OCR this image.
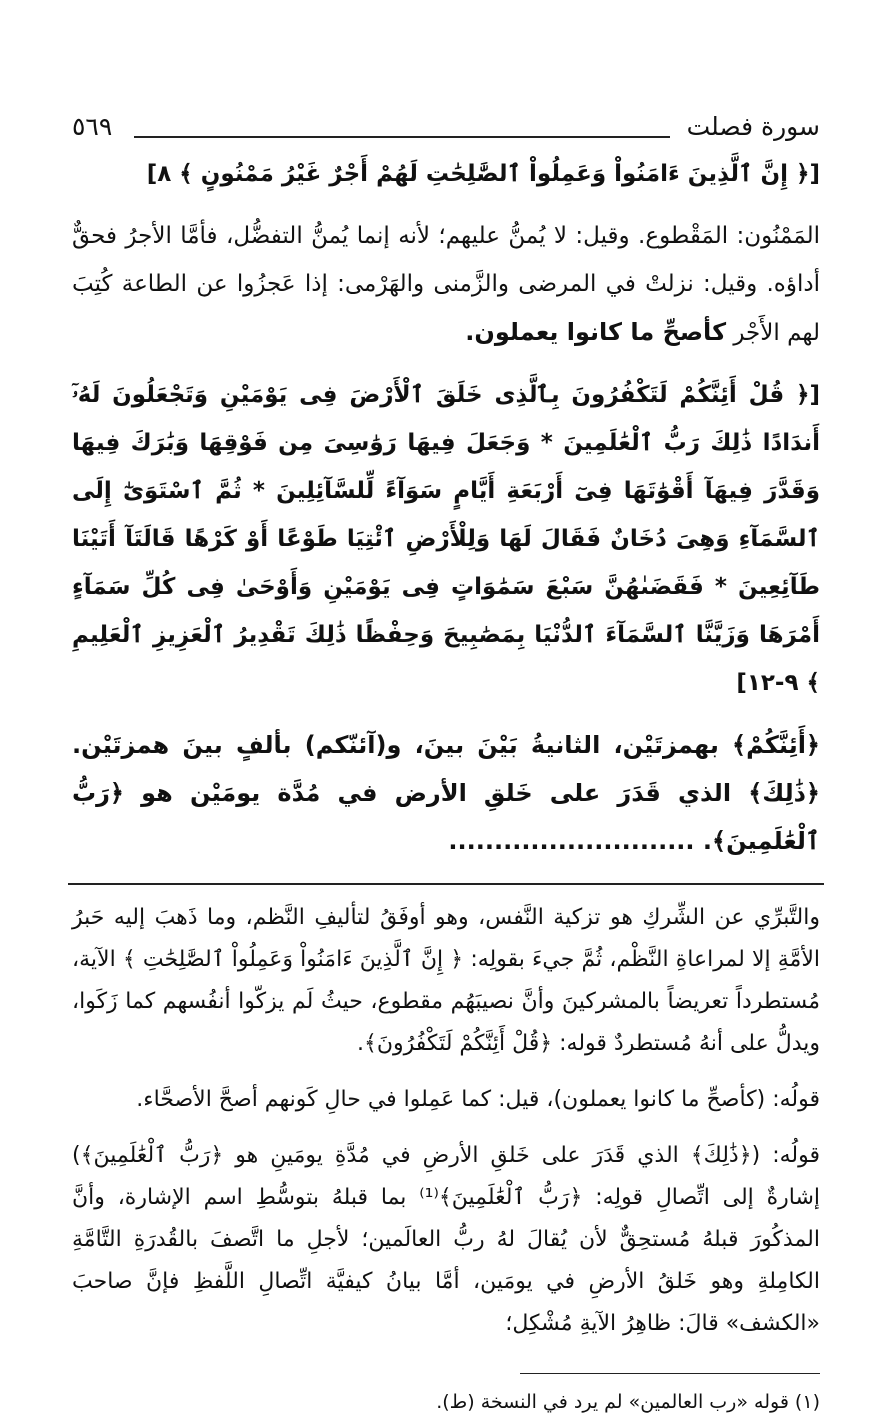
سورة فصلت
٥٦٩

[﴿ إِنَّ ٱلَّذِينَ ءَامَنُواْ وَعَمِلُواْ ٱلصَّٰلِحَٰتِ لَهُمْ أَجْرٌ غَيْرُ مَمْنُونٍ ﴾ ٨]

المَمْنُون: المَقْطوع. وقيل: لا يُمنُّ عليهم؛ لأنه إنما يُمنُّ التفضُّل، فأمَّا الأجرُ فحقٌّ أداؤه. وقيل: نزلتْ في المرضى والزَّمنى والهَرْمى: إذا عَجزُوا عن الطاعة كُتِبَ لهم الأَجْر كأصحِّ ما كانوا يعملون.

[﴿ قُلْ أَئِنَّكُمْ لَتَكْفُرُونَ بِٱلَّذِى خَلَقَ ٱلْأَرْضَ فِى يَوْمَيْنِ وَتَجْعَلُونَ لَهُۥٓ أَندَادًا ذَٰلِكَ رَبُّ ٱلْعَٰلَمِينَ * وَجَعَلَ فِيهَا رَوَٰسِىَ مِن فَوْقِهَا وَبَٰرَكَ فِيهَا وَقَدَّرَ فِيهَآ أَقْوَٰتَهَا فِىٓ أَرْبَعَةِ أَيَّامٍ سَوَآءً لِّلسَّآئِلِينَ * ثُمَّ ٱسْتَوَىٰٓ إِلَى ٱلسَّمَآءِ وَهِىَ دُخَانٌ فَقَالَ لَهَا وَلِلْأَرْضِ ٱئْتِيَا طَوْعًا أَوْ كَرْهًا قَالَتَآ أَتَيْنَا طَآئِعِينَ * فَقَضَىٰهُنَّ سَبْعَ سَمَٰوَاتٍ فِى يَوْمَيْنِ وَأَوْحَىٰ فِى كُلِّ سَمَآءٍ أَمْرَهَا وَزَيَّنَّا ٱلسَّمَآءَ ٱلدُّنْيَا بِمَصَٰبِيحَ وَحِفْظًا ذَٰلِكَ تَقْدِيرُ ٱلْعَزِيزِ ٱلْعَلِيمِ ﴾ ٩-١٢]

﴿أَئِنَّكُمْ﴾ بهمزتَيْن، الثانيةُ بَيْنَ بينَ، و(آئنّكم) بألفٍ بينَ همزتَيْن. ﴿ذَٰلِكَ﴾ الذي قَدَرَ على خَلقِ الأرض في مُدَّة يومَيْن هو ﴿رَبُّ ٱلْعَٰلَمِينَ﴾. ...........................

والتَّبرِّي عن الشِّركِ هو تزكية النَّفس، وهو أوفَقُ لتأليفِ النَّظم، وما ذَهبَ إليه حَبرُ الأمَّةِ إلا لمراعاةِ النَّظْم، ثُمَّ جيءَ بقولِه: ﴿ إِنَّ ٱلَّذِينَ ءَامَنُواْ وَعَمِلُواْ ٱلصَّٰلِحَٰتِ ﴾ الآية، مُستطرداً تعريضاً بالمشركينَ وأنَّ نصيبَهُم مقطوع، حيثُ لَم يزكّوا أنفُسهم كما زَكَوا، ويدلُّ على أنهُ مُستطردٌ قوله: ﴿قُلْ أَئِنَّكُمْ لَتَكْفُرُونَ﴾.

قولُه: (كأصحِّ ما كانوا يعملون)، قيل: كما عَمِلوا في حالِ كَونهم أصحَّ الأصحَّاء.

قولُه: (﴿ذَٰلِكَ﴾ الذي قَدَرَ على خَلقِ الأرضِ في مُدَّةِ يومَينِ هو ﴿رَبُّ ٱلْعَٰلَمِينَ﴾) إشارةٌ إلى اتِّصالِ قولِه: ﴿رَبُّ ٱلْعَٰلَمِينَ﴾⁽¹⁾ بما قبلهُ بتوسُّطِ اسم الإشارة، وأنَّ المذكُورَ قبلهُ مُستحِقٌّ لأن يُقالَ لهُ ربُّ العالَمين؛ لأجلِ ما اتَّصفَ بالقُدرَةِ التَّامَّةِ الكامِلةِ وهو خَلقُ الأرضِ في يومَين، أمَّا بيانُ كيفيَّة اتِّصالِ اللَّفظِ فإنَّ صاحبَ «الكشف» قالَ: ظاهِرُ الآيةِ مُشْكِل؛

(١) قوله «رب العالمين» لم يرد في النسخة (ط).
